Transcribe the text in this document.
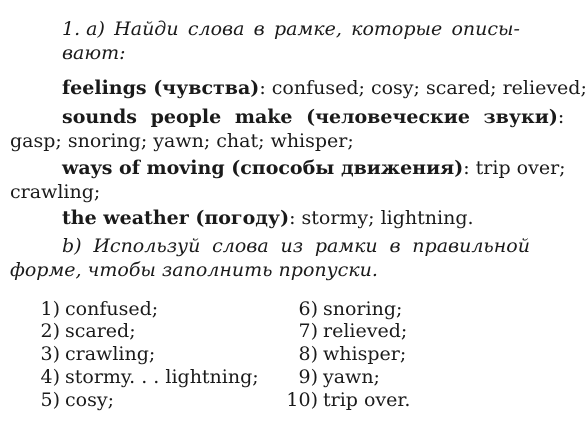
1. а) Найди слова в рамке, которые описы-
вают:
feelings (чувства): confused; cosy; scared; relieved;
sounds people make (человеческие звуки):
gasp; snoring; yawn; chat; whisper;
ways of moving (способы движения): trip over;
crawling;
the weather (погоду): stormy; lightning.
b) Используй слова из рамки в правильной
форме, чтобы заполнить пропуски.
1) confused;
2) scared;
3) crawling;
4) stormy. . . lightning;
5) cosy;
6) snoring;
7) relieved;
8) whisper;
9) yawn;
10) trip over.
